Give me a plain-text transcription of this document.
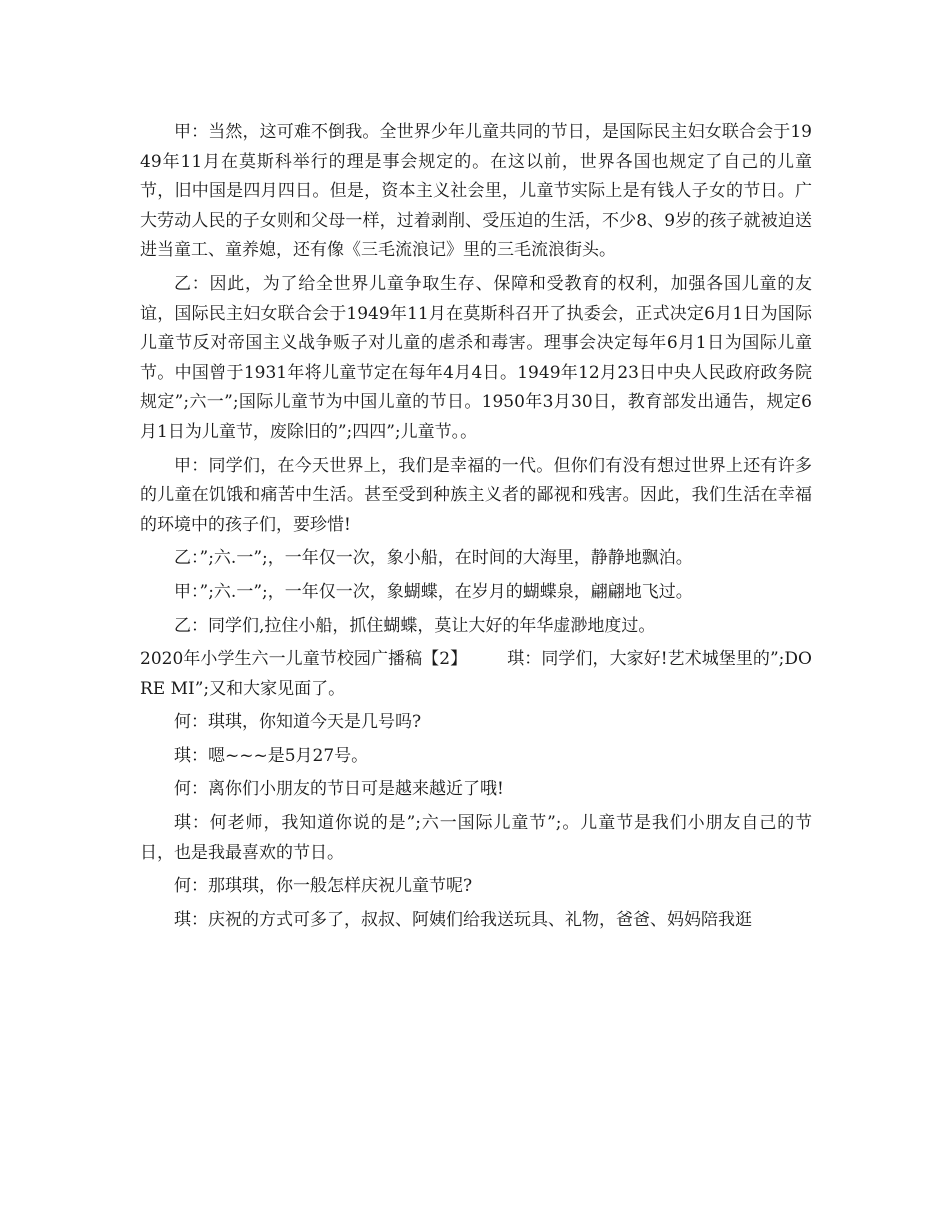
甲：当然，这可难不倒我。全世界少年儿童共同的节日，是国际民主妇女联合会于1949年11月在莫斯科举行的理是事会规定的。在这以前，世界各国也规定了自己的儿童节，旧中国是四月四日。但是，资本主义社会里，儿童节实际上是有钱人子女的节日。广大劳动人民的子女则和父母一样，过着剥削、受压迫的生活，不少8、9岁的孩子就被迫送进当童工、童养媳，还有像《三毛流浪记》里的三毛流浪街头。

乙：因此，为了给全世界儿童争取生存、保障和受教育的权利，加强各国儿童的友谊，国际民主妇女联合会于1949年11月在莫斯科召开了执委会，正式决定6月1日为国际儿童节反对帝国主义战争贩子对儿童的虐杀和毒害。理事会决定每年6月1日为国际儿童节。中国曾于1931年将儿童节定在每年4月4日。1949年12月23日中央人民政府政务院规定”;六一”;国际儿童节为中国儿童的节日。1950年3月30日，教育部发出通告，规定6月1日为儿童节，废除旧的”;四四”;儿童节。。

甲：同学们，在今天世界上，我们是幸福的一代。但你们有没有想过世界上还有许多的儿童在饥饿和痛苦中生活。甚至受到种族主义者的鄙视和残害。因此，我们生活在幸福的环境中的孩子们，要珍惜!

乙：”;六.一”;，一年仅一次，象小船，在时间的大海里，静静地飘泊。

甲：”;六.一”;，一年仅一次，象蝴蝶，在岁月的蝴蝶泉，翩翩地飞过。

乙：同学们,拉住小船，抓住蝴蝶，莫让大好的年华虚渺地度过。

2020年小学生六一儿童节校园广播稿【2】 琪：同学们，大家好!艺术城堡里的”;DO RE MI”;又和大家见面了。

何：琪琪，你知道今天是几号吗?

琪：嗯~~~是5月27号。

何：离你们小朋友的节日可是越来越近了哦!

琪：何老师，我知道你说的是”;六一国际儿童节”;。儿童节是我们小朋友自己的节日，也是我最喜欢的节日。

何：那琪琪，你一般怎样庆祝儿童节呢?

琪：庆祝的方式可多了，叔叔、阿姨们给我送玩具、礼物，爸爸、妈妈陪我逛
